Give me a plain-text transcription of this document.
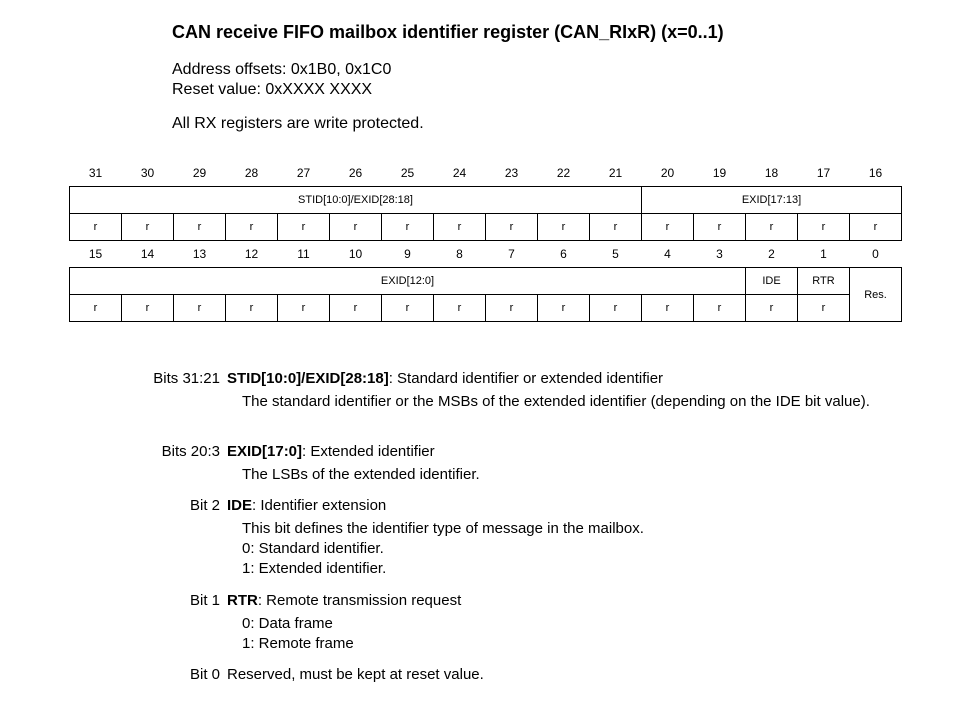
CAN receive FIFO mailbox identifier register (CAN_RIxR) (x=0..1)
Address offsets: 0x1B0, 0x1C0
Reset value: 0xXXXX XXXX
All RX registers are write protected.
31	30	29	28	27	26	25	24	23	22	21	20	19	18	17	16
STID[10:0]/EXID[28:18]											EXID[17:13]				
r	r	r	r	r	r	r	r	r	r	r	r	r	r	r	r
15	14	13	12	11	10	9	8	7	6	5	4	3	2	1	0
EXID[12:0]													IDE	RTR	Res.
r	r	r	r	r	r	r	r	r	r	r	r	r	r	r	
Bits 31:21 STID[10:0]/EXID[28:18]: Standard identifier or extended identifier
The standard identifier or the MSBs of the extended identifier (depending on the IDE bit value).
Bits 20:3 EXID[17:0]: Extended identifier
The LSBs of the extended identifier.
Bit 2 IDE: Identifier extension
This bit defines the identifier type of message in the mailbox.
0: Standard identifier.
1: Extended identifier.
Bit 1 RTR: Remote transmission request
0: Data frame
1: Remote frame
Bit 0 Reserved, must be kept at reset value.
